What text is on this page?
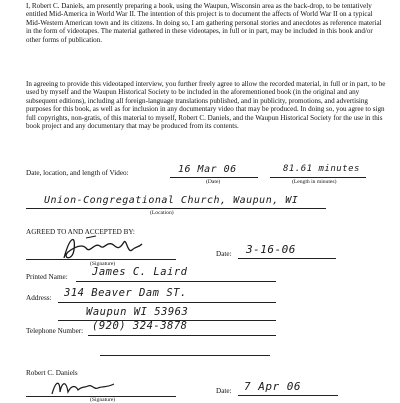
I, Robert C. Daniels, am presently preparing a book, using the Waupun, Wisconsin area as the back-drop, to be tentatively entitled Mid-America in World War II. The intention of this project is to document the affects of World War II on a typical Mid-Western American town and its citizens. In doing so, I am gathering personal stories and anecdotes as reference material in the form of videotapes. The material gathered in these videotapes, in full or in part, may be included in this book and/or other forms of publication.

In agreeing to provide this videotaped interview, you further freely agree to allow the recorded material, in full or in part, to be used by myself and the Waupun Historical Society to be included in the aforementioned book (in the original and any subsequent editions), including all foreign-language translations published, and in publicity, promotions, and advertising purposes for this book, as well as for inclusion in any documentary video that may be produced. In doing so, you agree to sign full copyrights, non-gratis, of this material to myself, Robert C. Daniels, and the Waupun Historical Society for the use in this book project and any documentary that may be produced from its contents.

Date, location, and length of Video:	16 Mar 06	81.61 minutes
(Date)	(Length in minutes)
Union-Congregational Church, Waupun, WI
(Location)
AGREED TO AND ACCEPTED BY:
(Signature)
Date: 3-16-06
Printed Name: James C. Laird
Address: 314 Beaver Dam ST.
Waupun WI 53963
Telephone Number: (920) 324-3878
Robert C. Daniels
(Signature)
Date: 7 Apr 06
